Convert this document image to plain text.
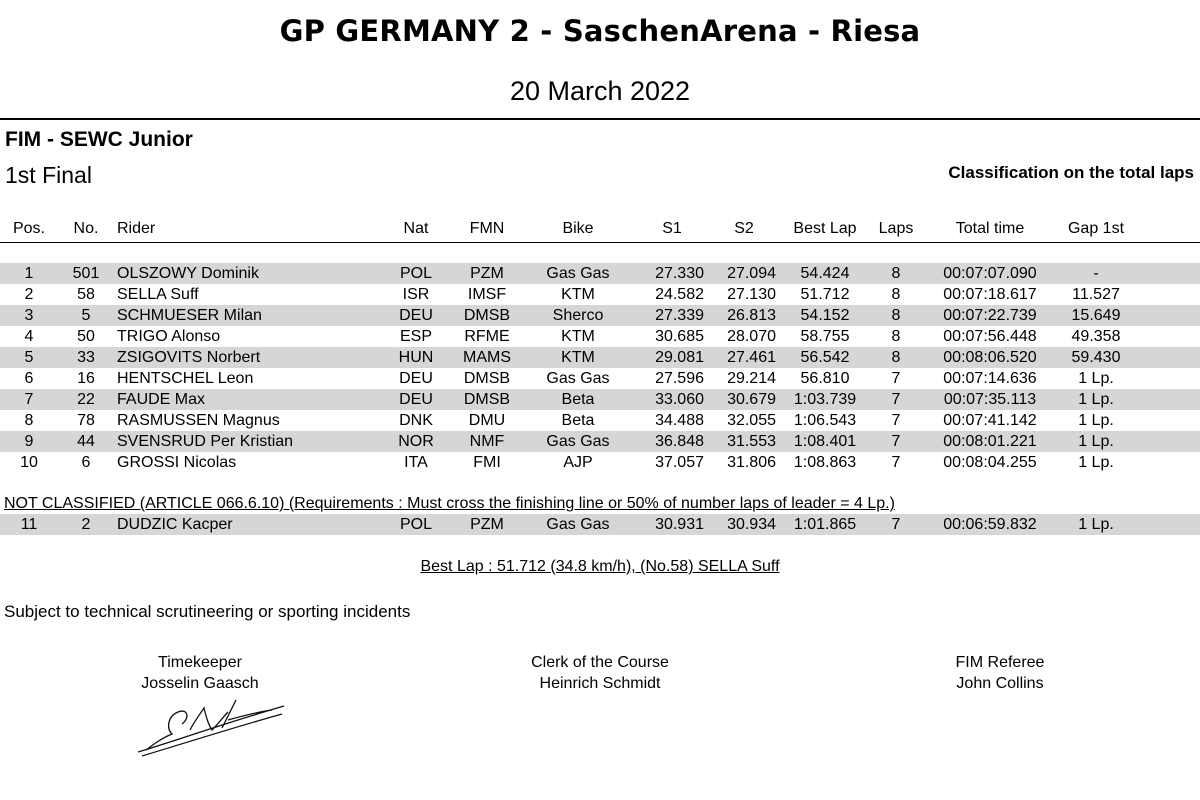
GP GERMANY 2 - SaschenArena - Riesa
20 March 2022
FIM - SEWC Junior
1st Final	Classification on the total laps
Pos.	No.	Rider	Nat	FMN	Bike	S1	S2	Best Lap	Laps	Total time	Gap 1st
1	501	OLSZOWY Dominik	POL	PZM	Gas Gas	27.330	27.094	54.424	8	00:07:07.090	-
2	58	SELLA Suff	ISR	IMSF	KTM	24.582	27.130	51.712	8	00:07:18.617	11.527
3	5	SCHMUESER Milan	DEU	DMSB	Sherco	27.339	26.813	54.152	8	00:07:22.739	15.649
4	50	TRIGO Alonso	ESP	RFME	KTM	30.685	28.070	58.755	8	00:07:56.448	49.358
5	33	ZSIGOVITS Norbert	HUN	MAMS	KTM	29.081	27.461	56.542	8	00:08:06.520	59.430
6	16	HENTSCHEL Leon	DEU	DMSB	Gas Gas	27.596	29.214	56.810	7	00:07:14.636	1 Lp.
7	22	FAUDE Max	DEU	DMSB	Beta	33.060	30.679	1:03.739	7	00:07:35.113	1 Lp.
8	78	RASMUSSEN Magnus	DNK	DMU	Beta	34.488	32.055	1:06.543	7	00:07:41.142	1 Lp.
9	44	SVENSRUD Per Kristian	NOR	NMF	Gas Gas	36.848	31.553	1:08.401	7	00:08:01.221	1 Lp.
10	6	GROSSI Nicolas	ITA	FMI	AJP	37.057	31.806	1:08.863	7	00:08:04.255	1 Lp.
NOT CLASSIFIED (ARTICLE 066.6.10) (Requirements : Must cross the finishing line or 50% of number laps of leader = 4 Lp.)
11	2	DUDZIC Kacper	POL	PZM	Gas Gas	30.931	30.934	1:01.865	7	00:06:59.832	1 Lp.
Best Lap : 51.712 (34.8 km/h), (No.58) SELLA Suff
Subject to technical scrutineering or sporting incidents
Timekeeper
Josselin Gaasch
Clerk of the Course
Heinrich Schmidt
FIM Referee
John Collins
